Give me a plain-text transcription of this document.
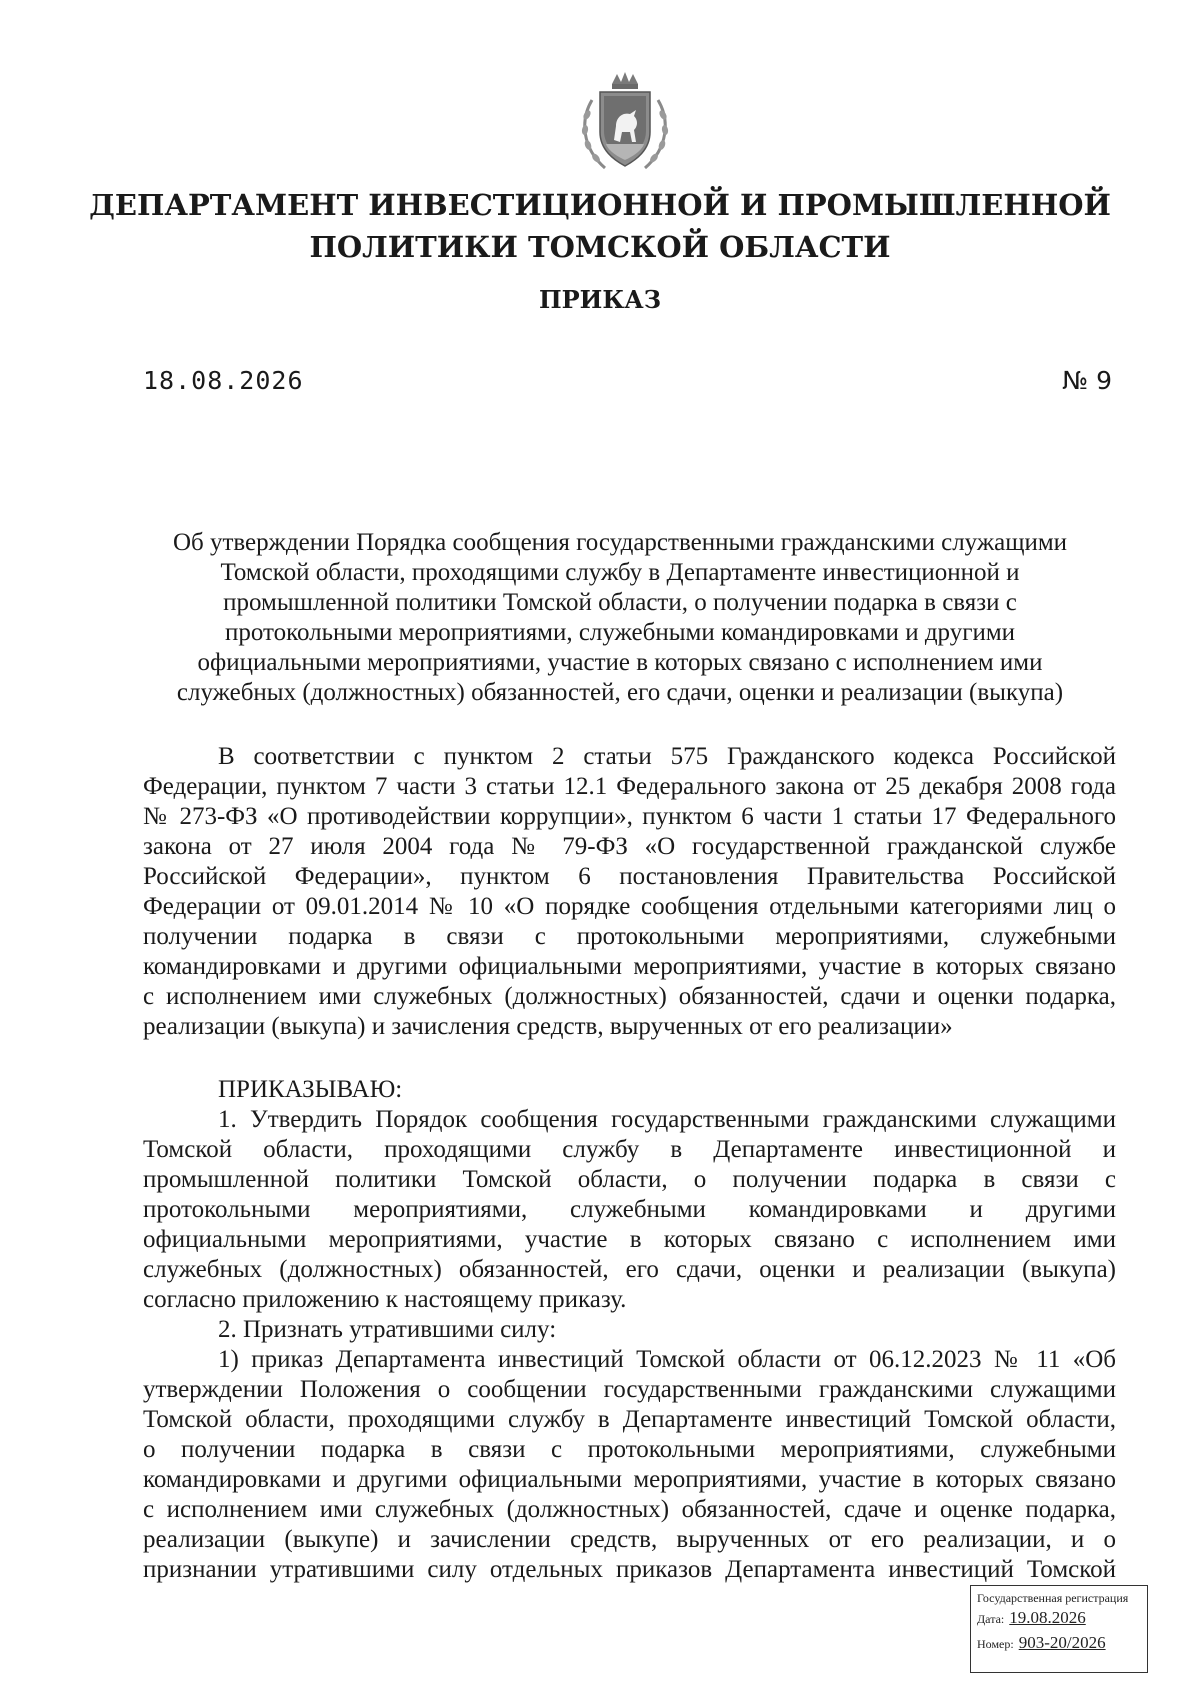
ДЕПАРТАМЕНТ ИНВЕСТИЦИОННОЙ И ПРОМЫШЛЕННОЙ
ПОЛИТИКИ ТОМСКОЙ ОБЛАСТИ
ПРИКАЗ
18.08.2026	№ 9
Об утверждении Порядка сообщения государственными гражданскими служащими
Томской области, проходящими службу в Департаменте инвестиционной и
промышленной политики Томской области, о получении подарка в связи с
протокольными мероприятиями, служебными командировками и другими
официальными мероприятиями, участие в которых связано с исполнением ими
служебных (должностных) обязанностей, его сдачи, оценки и реализации (выкупа)
В соответствии с пунктом 2 статьи 575 Гражданского кодекса Российской
Федерации, пунктом 7 части 3 статьи 12.1 Федерального закона от 25 декабря 2008 года
№ 273-ФЗ «О противодействии коррупции», пунктом 6 части 1 статьи 17 Федерального
закона от 27 июля 2004 года № 79-ФЗ «О государственной гражданской службе
Российской Федерации», пунктом 6 постановления Правительства Российской
Федерации от 09.01.2014 № 10 «О порядке сообщения отдельными категориями лиц о
получении подарка в связи с протокольными мероприятиями, служебными
командировками и другими официальными мероприятиями, участие в которых связано
с исполнением ими служебных (должностных) обязанностей, сдачи и оценки подарка,
реализации (выкупа) и зачисления средств, вырученных от его реализации»
ПРИКАЗЫВАЮ:
1. Утвердить Порядок сообщения государственными гражданскими служащими
Томской области, проходящими службу в Департаменте инвестиционной и
промышленной политики Томской области, о получении подарка в связи с
протокольными мероприятиями, служебными командировками и другими
официальными мероприятиями, участие в которых связано с исполнением ими
служебных (должностных) обязанностей, его сдачи, оценки и реализации (выкупа)
согласно приложению к настоящему приказу.
2. Признать утратившими силу:
1) приказ Департамента инвестиций Томской области от 06.12.2023 № 11 «Об
утверждении Положения о сообщении государственными гражданскими служащими
Томской области, проходящими службу в Департаменте инвестиций Томской области,
о получении подарка в связи с протокольными мероприятиями, служебными
командировками и другими официальными мероприятиями, участие в которых связано
с исполнением ими служебных (должностных) обязанностей, сдаче и оценке подарка,
реализации (выкупе) и зачислении средств, вырученных от его реализации, и о
признании утратившими силу отдельных приказов Департамента инвестиций Томской
Государственная регистрация
Дата: 19.08.2026
Номер: 903-20/2026
